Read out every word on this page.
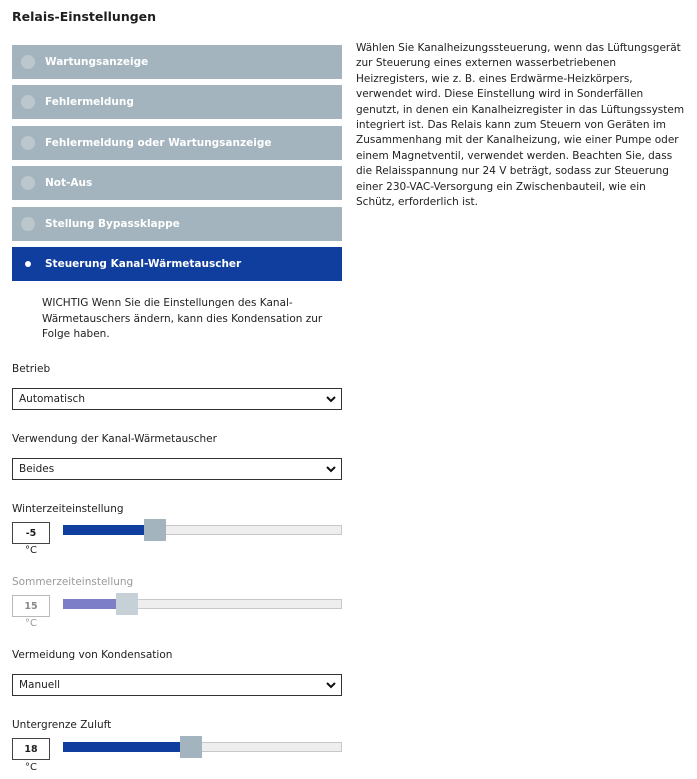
Relais-Einstellungen
Wartungsanzeige
Fehlermeldung
Fehlermeldung oder Wartungsanzeige
Not-Aus
Stellung Bypassklappe
Steuerung Kanal-Wärmetauscher
WICHTIG Wenn Sie die Einstellungen des Kanal-Wärmetauschers ändern, kann dies Kondensation zur Folge haben.
Wählen Sie Kanalheizungssteuerung, wenn das Lüftungsgerät zur Steuerung eines externen wasserbetriebenen Heizregisters, wie z. B. eines Erdwärme-Heizkörpers, verwendet wird. Diese Einstellung wird in Sonderfällen genutzt, in denen ein Kanalheizregister in das Lüftungssystem integriert ist. Das Relais kann zum Steuern von Geräten im Zusammenhang mit der Kanalheizung, wie einer Pumpe oder einem Magnetventil, verwendet werden. Beachten Sie, dass die Relaisspannung nur 24 V beträgt, sodass zur Steuerung einer 230-VAC-Versorgung ein Zwischenbauteil, wie ein Schütz, erforderlich ist.
Betrieb
Automatisch
Verwendung der Kanal-Wärmetauscher
Beides
Winterzeiteinstellung
-5
°C
Sommerzeiteinstellung
15
°C
Vermeidung von Kondensation
Manuell
Untergrenze Zuluft
18
°C
